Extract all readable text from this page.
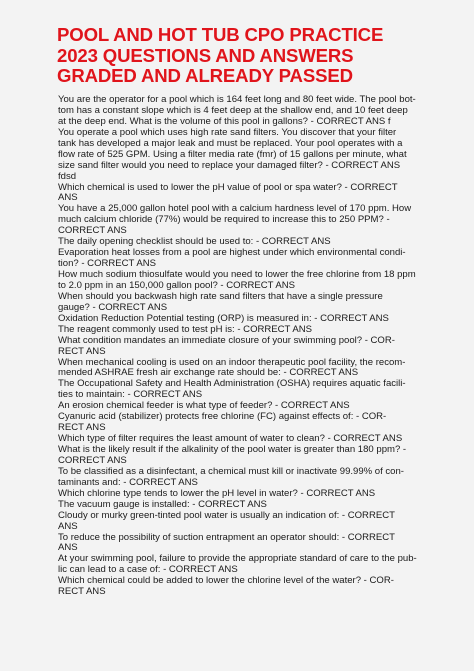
POOL AND HOT TUB CPO PRACTICE
2023 QUESTIONS AND ANSWERS
GRADED AND ALREADY PASSED
You are the operator for a pool which is 164 feet long and 80 feet wide. The pool bot-
tom has a constant slope which is 4 feet deep at the shallow end, and 10 feet deep
at the deep end. What is the volume of this pool in gallons? - CORRECT ANS f
You operate a pool which uses high rate sand filters. You discover that your filter
tank has developed a major leak and must be replaced. Your pool operates with a
flow rate of 525 GPM. Using a filter media rate (fmr) of 15 gallons per minute, what
size sand filter would you need to replace your damaged filter? - CORRECT ANS
fdsd
Which chemical is used to lower the pH value of pool or spa water? - CORRECT
ANS
You have a 25,000 gallon hotel pool with a calcium hardness level of 170 ppm. How
much calcium chloride (77%) would be required to increase this to 250 PPM? -
CORRECT ANS
The daily opening checklist should be used to: - CORRECT ANS
Evaporation heat losses from a pool are highest under which environmental condi-
tion? - CORRECT ANS
How much sodium thiosulfate would you need to lower the free chlorine from 18 ppm
to 2.0 ppm in an 150,000 gallon pool? - CORRECT ANS
When should you backwash high rate sand filters that have a single pressure
gauge? - CORRECT ANS
Oxidation Reduction Potential testing (ORP) is measured in: - CORRECT ANS
The reagent commonly used to test pH is: - CORRECT ANS
What condition mandates an immediate closure of your swimming pool? - COR-
RECT ANS
When mechanical cooling is used on an indoor therapeutic pool facility, the recom-
mended ASHRAE fresh air exchange rate should be: - CORRECT ANS
The Occupational Safety and Health Administration (OSHA) requires aquatic facili-
ties to maintain: - CORRECT ANS
An erosion chemical feeder is what type of feeder? - CORRECT ANS
Cyanuric acid (stabilizer) protects free chlorine (FC) against effects of: - COR-
RECT ANS
Which type of filter requires the least amount of water to clean? - CORRECT ANS
What is the likely result if the alkalinity of the pool water is greater than 180 ppm? -
CORRECT ANS
To be classified as a disinfectant, a chemical must kill or inactivate 99.99% of con-
taminants and: - CORRECT ANS
Which chlorine type tends to lower the pH level in water? - CORRECT ANS
The vacuum gauge is installed: - CORRECT ANS
Cloudy or murky green-tinted pool water is usually an indication of: - CORRECT
ANS
To reduce the possibility of suction entrapment an operator should: - CORRECT
ANS
At your swimming pool, failure to provide the appropriate standard of care to the pub-
lic can lead to a case of: - CORRECT ANS
Which chemical could be added to lower the chlorine level of the water? - COR-
RECT ANS
